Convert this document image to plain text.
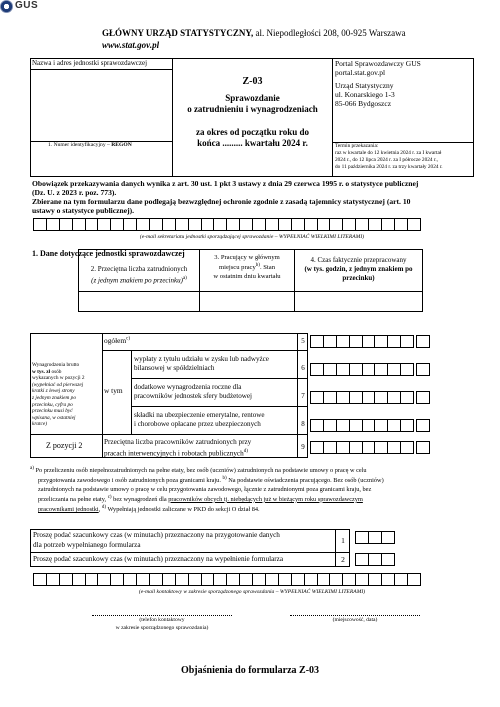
GUS
GŁÓWNY URZĄD STATYSTYCZNY, al. Niepodległości 208, 00-925 Warszawa
www.stat.gov.pl
Nazwa i adres jednostki sprawozdawczej
1. Numer identyfikacyjny – REGON
Z-03
Sprawozdanie
o zatrudnieniu i wynagrodzeniach
za okres od początku roku do
końca ......... kwartału 2024 r.
Portal Sprawozdawczy GUS
portal.stat.gov.pl
Urząd Statystyczny
ul. Konarskiego 1-3
85-066 Bydgoszcz
Termin przekazania:
raz w kwartale do 12 kwietnia 2024 r. za I kwartał
2024 r., do 12 lipca 2024 r. za I półrocze 2024 r.,
do 11 października 2024 r. za trzy kwartały 2024 r.
Obowiązek przekazywania danych wynika z art. 30 ust. 1 pkt 3 ustawy z dnia 29 czerwca 1995 r. o statystyce publicznej
(Dz. U. z 2023 r. poz. 773).
Zbierane na tym formularzu dane podlegają bezwzględnej ochronie zgodnie z zasadą tajemnicy statystycznej (art. 10
ustawy o statystyce publicznej).
(e-mail sekretariatu jednostki sporządzającej sprawozdanie – WYPEŁNIAĆ WIELKIMI LITERAMI)
1. Dane dotyczące jednostki sprawozdawczej
2. Przeciętna liczba zatrudnionych
(z jednym znakiem po przecinku)$^{a)}$
3. Pracujący w głównym
miejscu pracy$^{b)}$. Stan
w ostatnim dniu kwartału
4. Czas faktycznie przepracowany
(w tys. godzin, z jednym znakiem po
przecinku)
Wynagrodzenia brutto
w tys. zł osób
wykazanych w pozycji 2
(wypełniać od pierwszej
kratki z lewej strony
z jednym znakiem po
przecinku, cyfra po
przecinku musi być
wpisana, w ostatniej
kratce)
ogółem$^{c)}$
w tym
wypłaty z tytułu udziału w zysku lub nadwyżce
bilansowej w spółdzielniach
dodatkowe wynagrodzenia roczne dla
pracowników jednostek sfery budżetowej
składki na ubezpieczenie emerytalne, rentowe
i chorobowe opłacane przez ubezpieczonych
Z pozycji 2	Przeciętna liczba pracowników zatrudnionych przy
pracach interwencyjnych i robotach publicznych$^{d)}$
5
6
7
8
9
$^{a)}$ Po przeliczeniu osób niepełnozatrudnionych na pełne etaty, bez osób (uczniów) zatrudnionych na podstawie umowy o pracę w celu
przygotowania zawodowego i osób zatrudnionych poza granicami kraju. $^{b)}$ Na podstawie oświadczenia pracującego. Bez osób (uczniów)
zatrudnionych na podstawie umowy o pracę w celu przygotowania zawodowego, łącznie z zatrudnionymi poza granicami kraju, bez
przeliczania na pełne etaty, $^{c)}$ bez wynagrodzeń dla pracowników obcych tj. niebędących już w bieżącym roku sprawozdawczym
pracownikami jednostki, $^{d)}$ Wypełniają jednostki zaliczane w PKD do sekcji O dział 84.
Proszę podać szacunkowy czas (w minutach) przeznaczony na przygotowanie danych
dla potrzeb wypełnianego formularza
Proszę podać szacunkowy czas (w minutach) przeznaczony na wypełnienie formularza
1
2
(e-mail kontaktowy w zakresie sporządzonego sprawozdania – WYPEŁNIAĆ WIELKIMI LITERAMI)
(telefon kontaktowy
w zakresie sporządzonego sprawozdania)
(miejscowość, data)
Objaśnienia do formularza Z-03
